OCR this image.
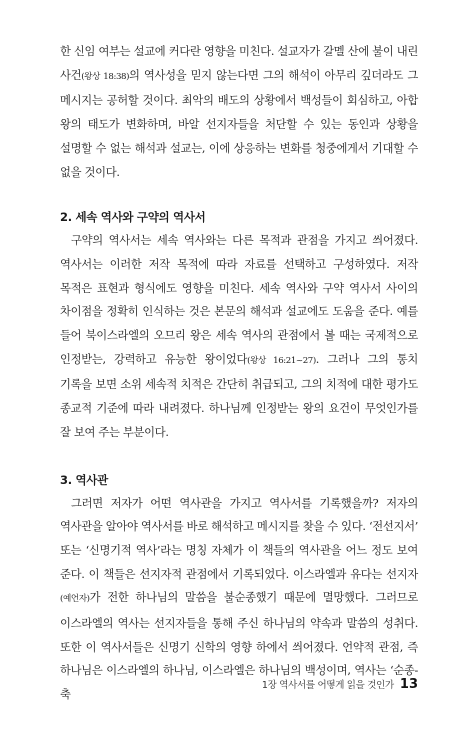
한 신임 여부는 설교에 커다란 영향을 미친다. 설교자가 갈멜 산에 불이 내린 사건(왕상 18:38)의 역사성을 믿지 않는다면 그의 해석이 아무리 깊더라도 그 메시지는 공허할 것이다. 최악의 배도의 상황에서 백성들이 회심하고, 아합 왕의 태도가 변화하며, 바알 선지자들을 처단할 수 있는 동인과 상황을 설명할 수 없는 해석과 설교는, 이에 상응하는 변화를 청중에게서 기대할 수 없을 것이다.

2. 세속 역사와 구약의 역사서

구약의 역사서는 세속 역사와는 다른 목적과 관점을 가지고 씌어졌다. 역사서는 이러한 저작 목적에 따라 자료를 선택하고 구성하였다. 저작 목적은 표현과 형식에도 영향을 미친다. 세속 역사와 구약 역사서 사이의 차이점을 정확히 인식하는 것은 본문의 해석과 설교에도 도움을 준다. 예를 들어 북이스라엘의 오므리 왕은 세속 역사의 관점에서 볼 때는 국제적으로 인정받는, 강력하고 유능한 왕이었다(왕상 16:21~27). 그러나 그의 통치 기록을 보면 소위 세속적 치적은 간단히 취급되고, 그의 치적에 대한 평가도 종교적 기준에 따라 내려졌다. 하나님께 인정받는 왕의 요건이 무엇인가를 잘 보여 주는 부분이다.

3. 역사관

그러면 저자가 어떤 역사관을 가지고 역사서를 기록했을까? 저자의 역사관을 알아야 역사서를 바로 해석하고 메시지를 찾을 수 있다. ‘전선지서’ 또는 ‘신명기적 역사’라는 명칭 자체가 이 책들의 역사관을 어느 정도 보여 준다. 이 책들은 선지자적 관점에서 기록되었다. 이스라엘과 유다는 선지자(예언자)가 전한 하나님의 말씀을 불순종했기 때문에 멸망했다. 그러므로 이스라엘의 역사는 선지자들을 통해 주신 하나님의 약속과 말씀의 성취다. 또한 이 역사서들은 신명기 신학의 영향 하에서 씌어졌다. 언약적 관점, 즉 하나님은 이스라엘의 하나님, 이스라엘은 하나님의 백성이며, 역사는 ‘순종-축

1장 역사서를 어떻게 읽을 것인가 13
